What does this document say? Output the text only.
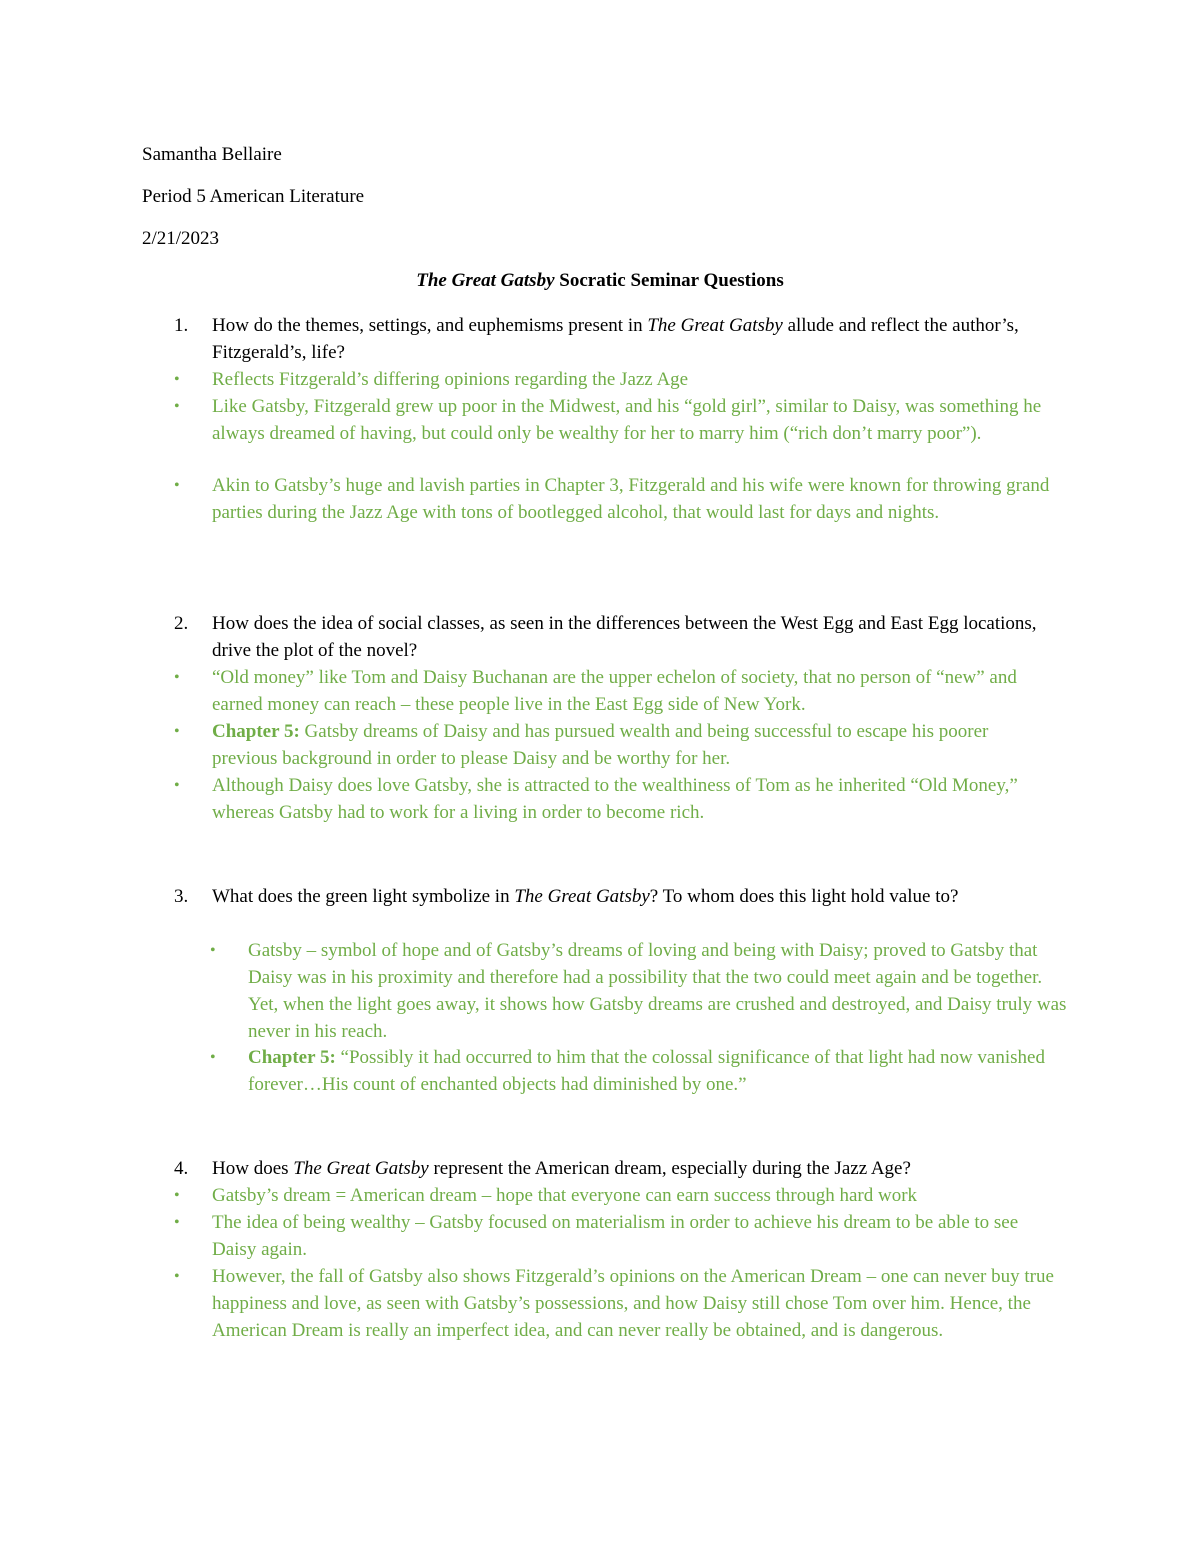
Samantha Bellaire

Period 5 American Literature

2/21/2023

The Great Gatsby Socratic Seminar Questions

1. How do the themes, settings, and euphemisms present in The Great Gatsby allude and reflect the author’s, Fitzgerald’s, life?
• Reflects Fitzgerald’s differing opinions regarding the Jazz Age
• Like Gatsby, Fitzgerald grew up poor in the Midwest, and his “gold girl”, similar to Daisy, was something he always dreamed of having, but could only be wealthy for her to marry him (“rich don’t marry poor”).
• Akin to Gatsby’s huge and lavish parties in Chapter 3, Fitzgerald and his wife were known for throwing grand parties during the Jazz Age with tons of bootlegged alcohol, that would last for days and nights.
2. How does the idea of social classes, as seen in the differences between the West Egg and East Egg locations, drive the plot of the novel?
• “Old money” like Tom and Daisy Buchanan are the upper echelon of society, that no person of “new” and earned money can reach – these people live in the East Egg side of New York.
• Chapter 5: Gatsby dreams of Daisy and has pursued wealth and being successful to escape his poorer previous background in order to please Daisy and be worthy for her.
• Although Daisy does love Gatsby, she is attracted to the wealthiness of Tom as he inherited “Old Money,” whereas Gatsby had to work for a living in order to become rich.
3. What does the green light symbolize in The Great Gatsby? To whom does this light hold value to?
• Gatsby – symbol of hope and of Gatsby’s dreams of loving and being with Daisy; proved to Gatsby that Daisy was in his proximity and therefore had a possibility that the two could meet again and be together. Yet, when the light goes away, it shows how Gatsby dreams are crushed and destroyed, and Daisy truly was never in his reach.
• Chapter 5: “Possibly it had occurred to him that the colossal significance of that light had now vanished forever…His count of enchanted objects had diminished by one.”
4. How does The Great Gatsby represent the American dream, especially during the Jazz Age?
• Gatsby’s dream = American dream – hope that everyone can earn success through hard work
• The idea of being wealthy – Gatsby focused on materialism in order to achieve his dream to be able to see Daisy again.
• However, the fall of Gatsby also shows Fitzgerald’s opinions on the American Dream – one can never buy true happiness and love, as seen with Gatsby’s possessions, and how Daisy still chose Tom over him. Hence, the American Dream is really an imperfect idea, and can never really be obtained, and is dangerous.
